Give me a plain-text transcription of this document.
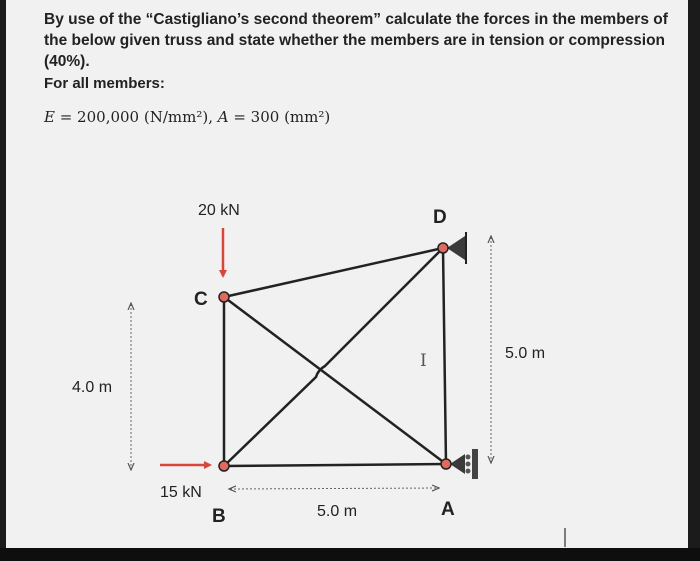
By use of the “Castigliano’s second theorem” calculate the forces in the members of the below given truss and state whether the members are in tension or compression (40%).
For all members:
E = 200,000 (N/mm²), A = 300 (mm²)
20 kN
15 kN
C
D
B	A
4.0 m
5.0 m
5.0 m
I
